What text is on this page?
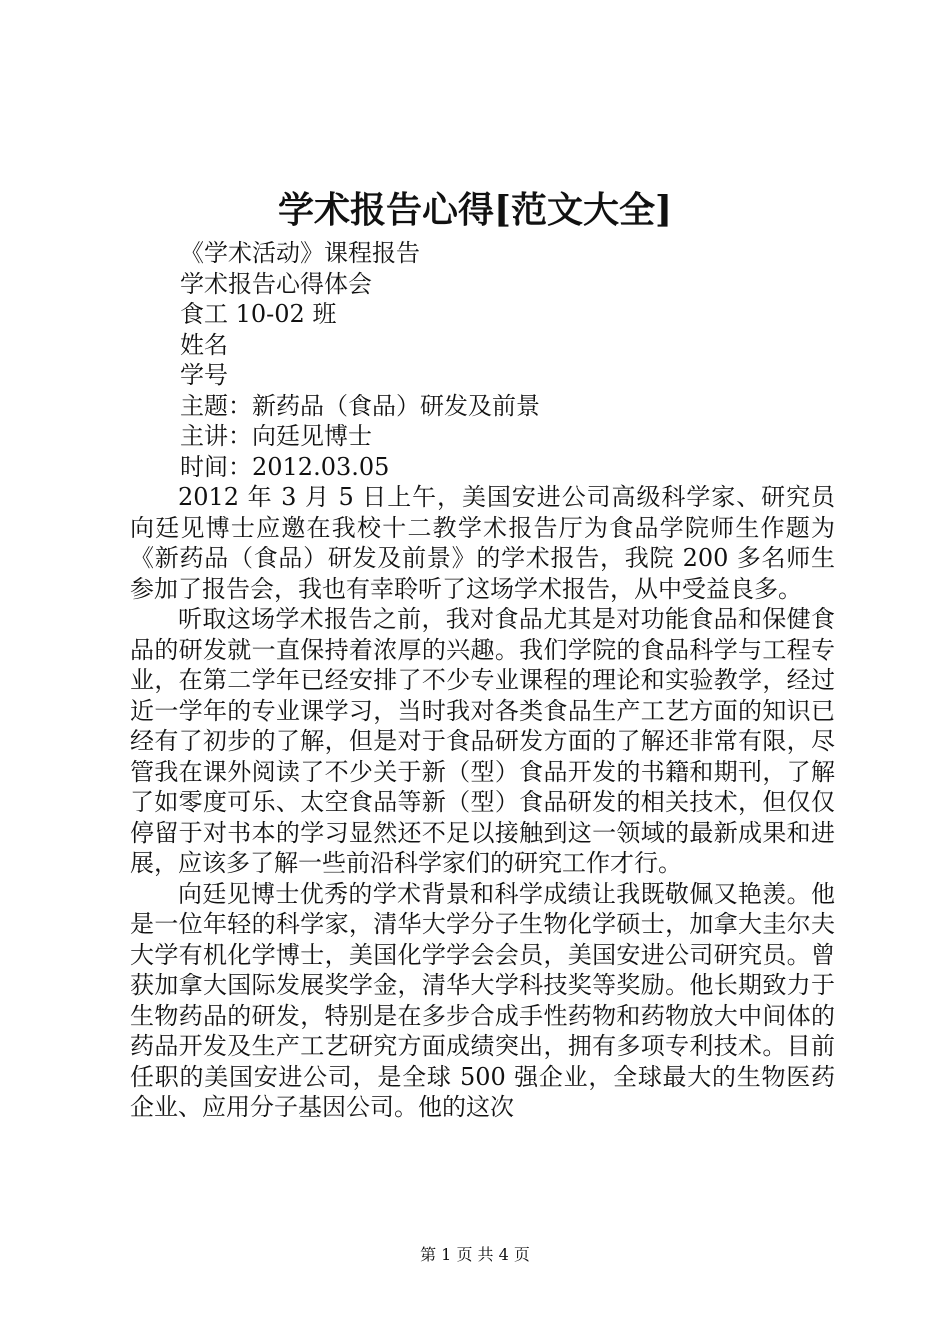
学术报告心得[范文大全]
《学术活动》课程报告
学术报告心得体会
食工 10-02 班
姓名
学号
主题：新药品（食品）研发及前景
主讲：向廷见博士
时间：2012.03.05

2012 年 3 月 5 日上午，美国安进公司高级科学家、研究员向廷见博士应邀在我校十二教学术报告厅为食品学院师生作题为《新药品（食品）研发及前景》的学术报告，我院 200 多名师生参加了报告会，我也有幸聆听了这场学术报告，从中受益良多。

听取这场学术报告之前，我对食品尤其是对功能食品和保健食品的研发就一直保持着浓厚的兴趣。我们学院的食品科学与工程专业，在第二学年已经安排了不少专业课程的理论和实验教学，经过近一学年的专业课学习，当时我对各类食品生产工艺方面的知识已经有了初步的了解，但是对于食品研发方面的了解还非常有限，尽管我在课外阅读了不少关于新（型）食品开发的书籍和期刊，了解了如零度可乐、太空食品等新（型）食品研发的相关技术，但仅仅停留于对书本的学习显然还不足以接触到这一领域的最新成果和进展，应该多了解一些前沿科学家们的研究工作才行。

向廷见博士优秀的学术背景和科学成绩让我既敬佩又艳羡。他是一位年轻的科学家，清华大学分子生物化学硕士，加拿大圭尔夫大学有机化学博士，美国化学学会会员，美国安进公司研究员。曾获加拿大国际发展奖学金，清华大学科技奖等奖励。他长期致力于生物药品的研发，特别是在多步合成手性药物和药物放大中间体的药品开发及生产工艺研究方面成绩突出，拥有多项专利技术。目前任职的美国安进公司，是全球 500 强企业，全球最大的生物医药企业、应用分子基因公司。他的这次

第 1 页 共 4 页
